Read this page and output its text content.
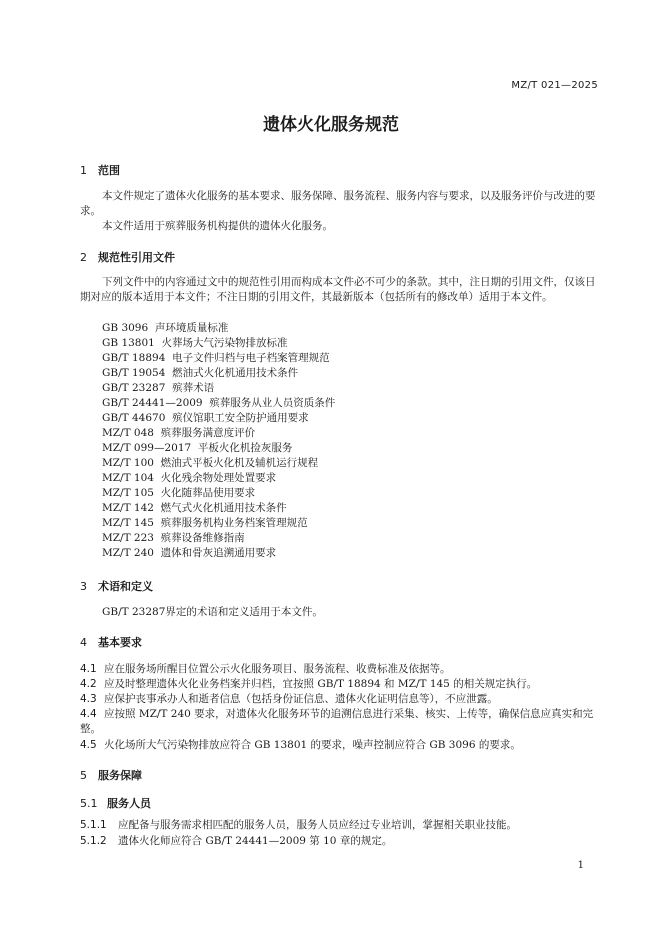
MZ/T 021—2025
遗体火化服务规范
1 范围
本文件规定了遗体火化服务的基本要求、服务保障、服务流程、服务内容与要求，以及服务评价与改进的要求。
本文件适用于殡葬服务机构提供的遗体火化服务。
2 规范性引用文件
下列文件中的内容通过文中的规范性引用而构成本文件必不可少的条款。其中，注日期的引用文件，仅该日期对应的版本适用于本文件；不注日期的引用文件，其最新版本（包括所有的修改单）适用于本文件。
GB 3096 声环境质量标准
GB 13801 火葬场大气污染物排放标准
GB/T 18894 电子文件归档与电子档案管理规范
GB/T 19054 燃油式火化机通用技术条件
GB/T 23287 殡葬术语
GB/T 24441—2009 殡葬服务从业人员资质条件
GB/T 44670 殡仪馆职工安全防护通用要求
MZ/T 048 殡葬服务满意度评价
MZ/T 099—2017 平板火化机捡灰服务
MZ/T 100 燃油式平板火化机及辅机运行规程
MZ/T 104 火化残余物处理处置要求
MZ/T 105 火化随葬品使用要求
MZ/T 142 燃气式火化机通用技术条件
MZ/T 145 殡葬服务机构业务档案管理规范
MZ/T 223 殡葬设备维修指南
MZ/T 240 遗体和骨灰追溯通用要求
3 术语和定义
GB/T 23287界定的术语和定义适用于本文件。
4 基本要求
4.1 应在服务场所醒目位置公示火化服务项目、服务流程、收费标准及依据等。
4.2 应及时整理遗体火化业务档案并归档，宜按照 GB/T 18894 和 MZ/T 145 的相关规定执行。
4.3 应保护丧事承办人和逝者信息（包括身份证信息、遗体火化证明信息等），不应泄露。
4.4 应按照 MZ/T 240 要求，对遗体火化服务环节的追溯信息进行采集、核实、上传等，确保信息应真实和完整。
4.5 火化场所大气污染物排放应符合 GB 13801 的要求，噪声控制应符合 GB 3096 的要求。
5 服务保障
5.1 服务人员
5.1.1 应配备与服务需求相匹配的服务人员，服务人员应经过专业培训，掌握相关职业技能。
5.1.2 遗体火化师应符合 GB/T 24441—2009 第 10 章的规定。
1
